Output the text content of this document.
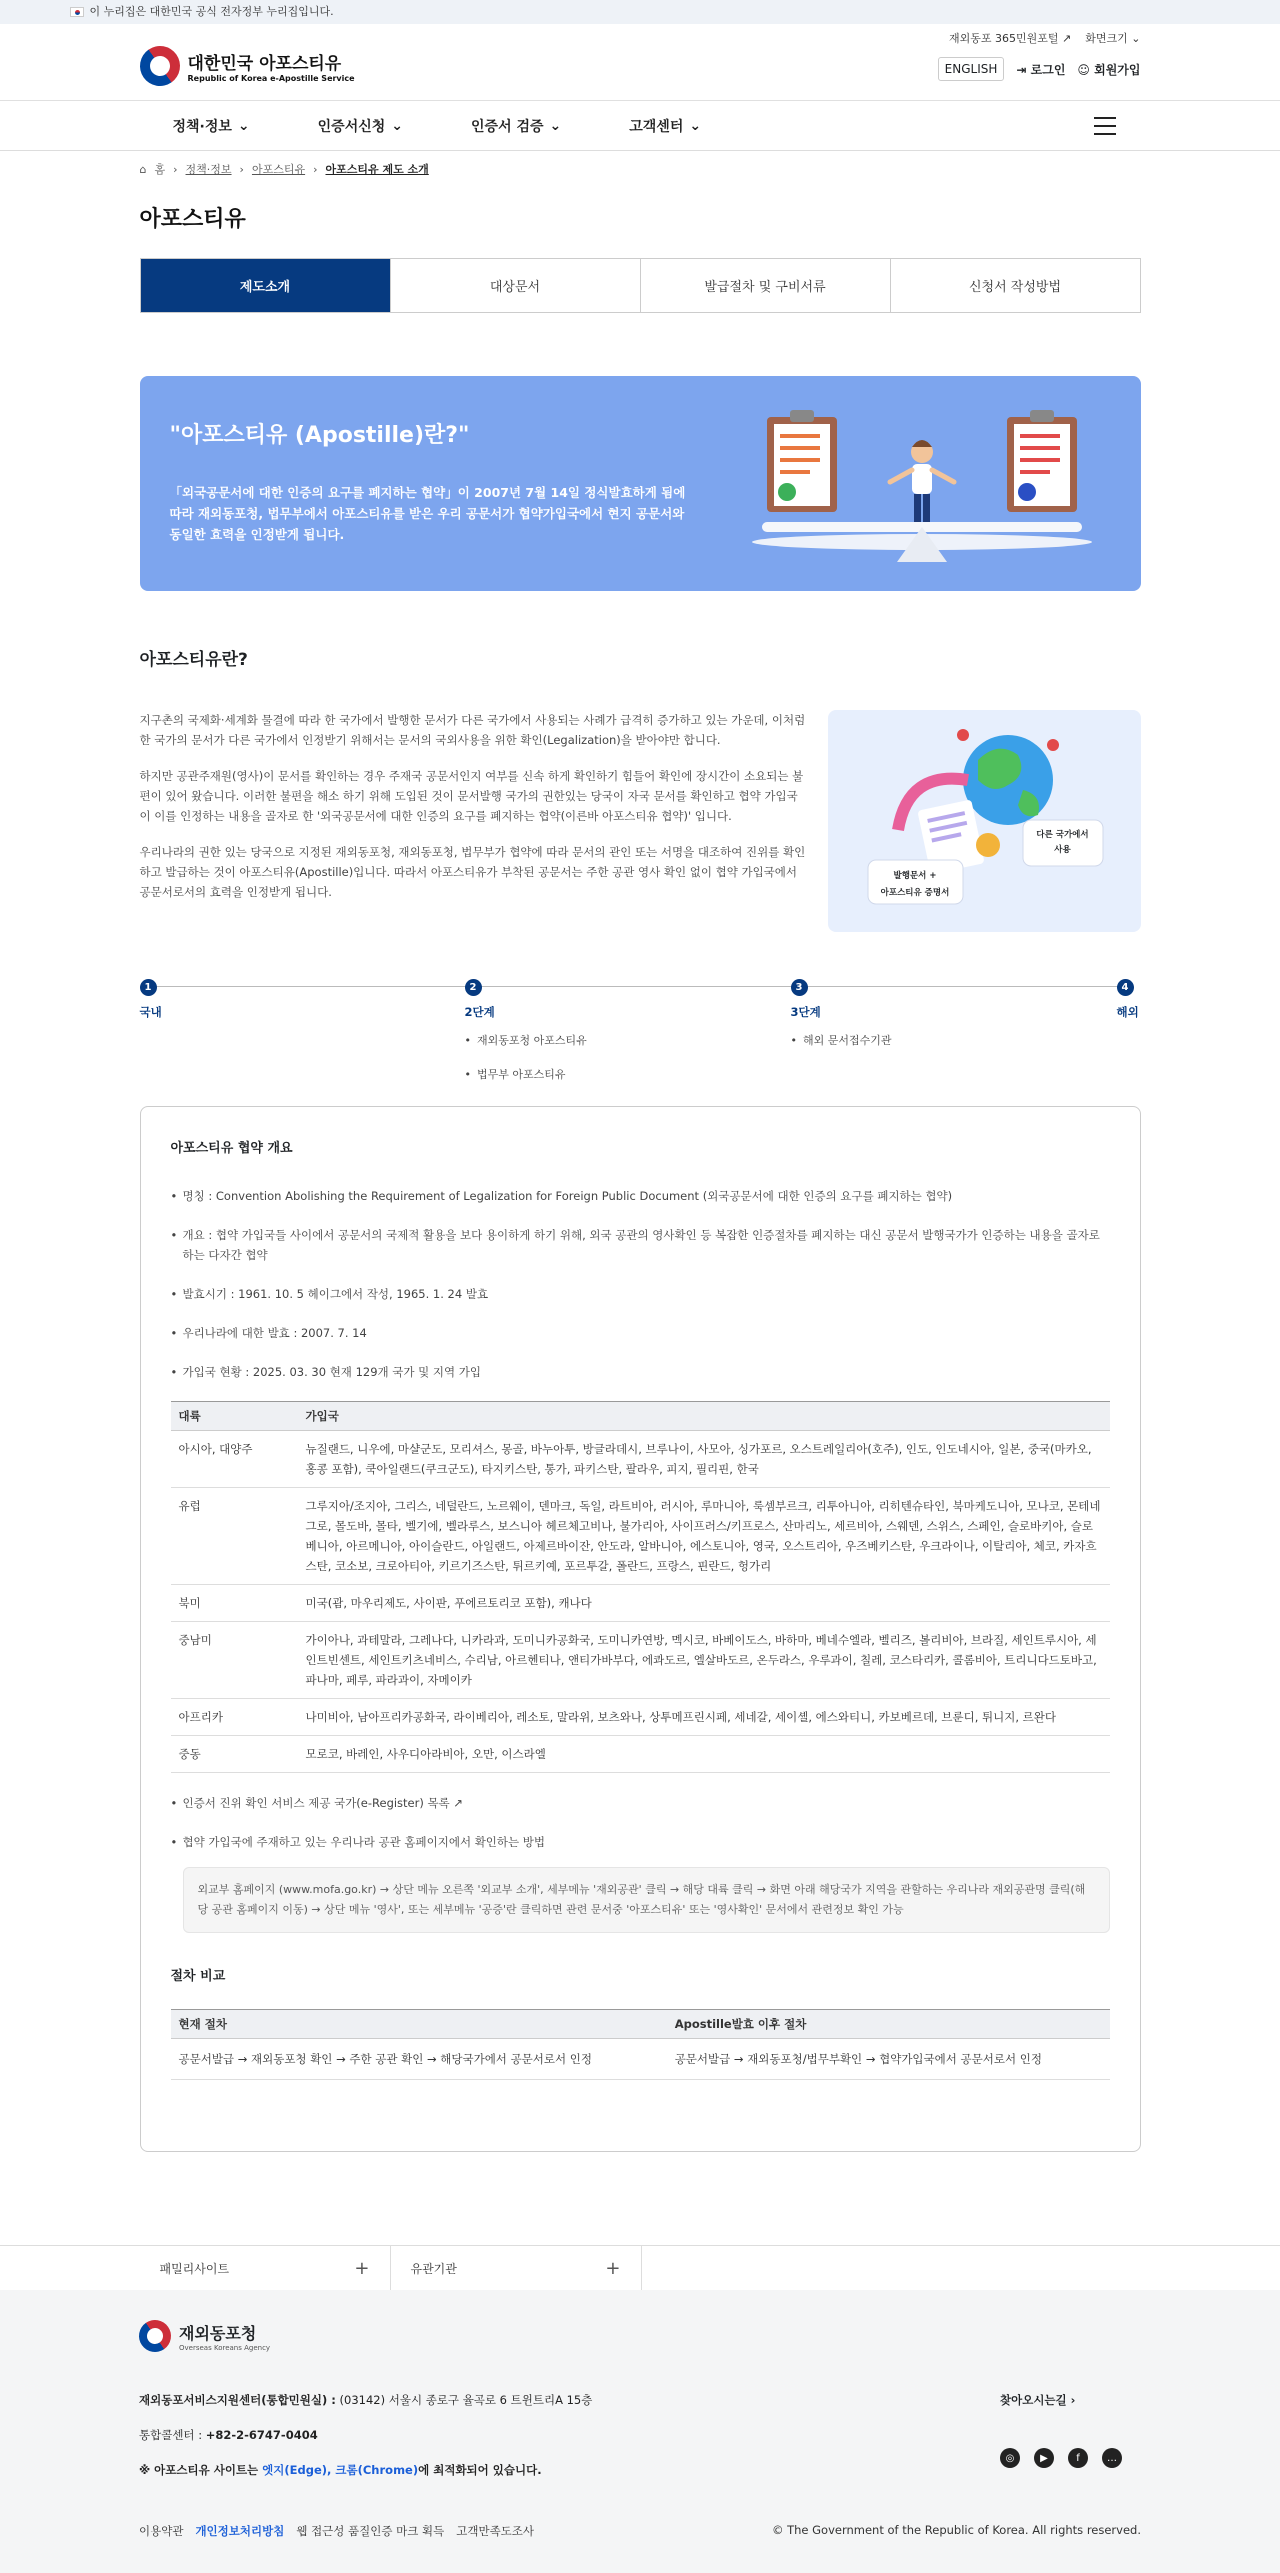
이 누리집은 대한민국 공식 전자정부 누리집입니다.
대한민국 아포스티유
Republic of Korea e-Apostille Service
재외동포 365민원포털 ↗ 화면크기 ⌄
ENGLISH	⇥ 로그인 ☺ 회원가입
정책·정보 ⌄	인증서신청 ⌄	인증서 검증 ⌄	고객센터 ⌄
⌂ 홈 › 정책·정보 › 아포스티유 › 아포스티유 제도 소개
아포스티유
제도소개	대상문서	발급절차 및 구비서류	신청서 작성방법
"아포스티유 (Apostille)란?"

「외국공문서에 대한 인증의 요구를 폐지하는 협약」이 2007년 7월 14일 정식발효하게 됨에 따라 재외동포청, 법무부에서 아포스티유를 받은 우리 공문서가 협약가입국에서 현지 공문서와 동일한 효력을 인정받게 됩니다.

아포스티유란?

지구촌의 국제화·세계화 물결에 따라 한 국가에서 발행한 문서가 다른 국가에서 사용되는 사례가 급격히 증가하고 있는 가운데, 이처럼 한 국가의 문서가 다른 국가에서 인정받기 위해서는 문서의 국외사용을 위한 확인(Legalization)을 받아야만 합니다.

하지만 공관주재원(영사)이 문서를 확인하는 경우 주재국 공문서인지 여부를 신속 하게 확인하기 힘들어 확인에 장시간이 소요되는 불편이 있어 왔습니다. 이러한 불편을 해소 하기 위해 도입된 것이 문서발행 국가의 권한있는 당국이 자국 문서를 확인하고 협약 가입국이 이를 인정하는 내용을 골자로 한 '외국공문서에 대한 인증의 요구를 폐지하는 협약(이른바 아포스티유 협약)' 입니다.

우리나라의 권한 있는 당국으로 지정된 재외동포청, 재외동포청, 법무부가 협약에 따라 문서의 관인 또는 서명을 대조하여 진위를 확인하고 발급하는 것이 아포스티유(Apostille)입니다. 따라서 아포스티유가 부착된 공문서는 주한 공관 영사 확인 없이 협약 가입국에서 공문서로서의 효력을 인정받게 됩니다.

발행문서 +
아포스티유 증명서
다른 국가에서
사용
1
국내
2
2단계
• 재외동포청 아포스티유
• 법무부 아포스티유
3
3단계
• 해외 문서접수기관
4
해외
아포스티유 협약 개요
• 명칭 : Convention Abolishing the Requirement of Legalization for Foreign Public Document (외국공문서에 대한 인증의 요구를 폐지하는 협약)
• 개요 : 협약 가입국들 사이에서 공문서의 국제적 활용을 보다 용이하게 하기 위해, 외국 공관의 영사확인 등 복잡한 인증절차를 폐지하는 대신 공문서 발행국가가 인증하는 내용을 골자로 하는 다자간 협약
• 발효시기 : 1961. 10. 5 헤이그에서 작성, 1965. 1. 24 발효
• 우리나라에 대한 발효 : 2007. 7. 14
• 가입국 현황 : 2025. 03. 30 현재 129개 국가 및 지역 가입
대륙	가입국
아시아, 대양주	뉴질랜드, 니우에, 마샬군도, 모리셔스, 몽골, 바누아투, 방글라데시, 브루나이, 사모아, 싱가포르, 오스트레일리아(호주), 인도, 인도네시아, 일본, 중국(마카오, 홍콩 포함), 쿡아일랜드(쿠크군도), 타지키스탄, 통가, 파키스탄, 팔라우, 피지, 필리핀, 한국
유럽	그루지아/조지아, 그리스, 네덜란드, 노르웨이, 덴마크, 독일, 라트비아, 러시아, 루마니아, 룩셈부르크, 리투아니아, 리히텐슈타인, 북마케도니아, 모나코, 몬테네그로, 몰도바, 몰타, 벨기에, 벨라루스, 보스니아 헤르체고비나, 불가리아, 사이프러스/키프로스, 산마리노, 세르비아, 스웨덴, 스위스, 스페인, 슬로바키아, 슬로베니아, 아르메니아, 아이슬란드, 아일랜드, 아제르바이잔, 안도라, 알바니아, 에스토니아, 영국, 오스트리아, 우즈베키스탄, 우크라이나, 이탈리아, 체코, 카자흐스탄, 코소보, 크로아티아, 키르기즈스탄, 튀르키예, 포르투갈, 폴란드, 프랑스, 핀란드, 헝가리
북미	미국(괌, 마우리제도, 사이판, 푸에르토리코 포함), 캐나다
중남미	가이아나, 과테말라, 그레나다, 니카라과, 도미니카공화국, 도미니카연방, 멕시코, 바베이도스, 바하마, 베네수엘라, 벨리즈, 볼리비아, 브라질, 세인트루시아, 세인트빈센트, 세인트키츠네비스, 수리남, 아르헨티나, 앤티가바부다, 에콰도르, 엘살바도르, 온두라스, 우루과이, 칠레, 코스타리카, 콜롬비아, 트리니다드토바고, 파나마, 페루, 파라과이, 자메이카
아프리카	나미비아, 남아프리카공화국, 라이베리아, 레소토, 말라위, 보츠와나, 상투메프린시페, 세네갈, 세이셸, 에스와티니, 카보베르데, 브룬디, 튀니지, 르완다
중동	모로코, 바레인, 사우디아라비아, 오만, 이스라엘
• 인증서 진위 확인 서비스 제공 국가(e-Register) 목록 ↗
• 협약 가입국에 주재하고 있는 우리나라 공관 홈페이지에서 확인하는 방법
외교부 홈페이지 (www.mofa.go.kr) → 상단 메뉴 오른쪽 '외교부 소개', 세부메뉴 '재외공관' 클릭 → 해당 대륙 클릭 → 화면 아래 해당국가 지역을 관할하는 우리나라 재외공관명 클릭(해당 공관 홈페이지 이동) → 상단 메뉴 '영사', 또는 세부메뉴 '공증'란 클릭하면 관련 문서중 '아포스티유' 또는 '영사확인' 문서에서 관련정보 확인 가능
절차 비교
현재 절차	Apostille발효 이후 절차
공문서발급 → 재외동포청 확인 → 주한 공관 확인 → 해당국가에서 공문서로서 인정	공문서발급 → 재외동포청/법무부확인 → 협약가입국에서 공문서로서 인정
패밀리사이트	+	유관기관	+
재외동포청
Overseas Koreans Agency
재외동포서비스지원센터(통합민원실) : (03142) 서울시 종로구 율곡로 6 트윈트리A 15층
통합콜센터 : +82-2-6747-0404
※ 아포스티유 사이트는 엣지(Edge), 크롬(Chrome)에 최적화되어 있습니다.
찾아오시는길 ›
◎	▶	f	…
이용약관 개인정보처리방침 웹 접근성 품질인증 마크 획득 고객만족도조사	© The Government of the Republic of Korea. All rights reserved.
